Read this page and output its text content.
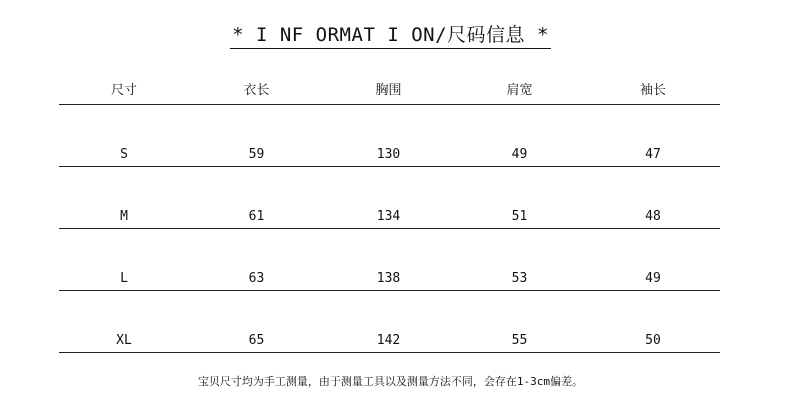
* I NF ORMAT I ON/尺码信息 *
尺寸	衣长	胸围	肩宽	袖长
S	59	130	49	47
M	61	134	51	48
L	63	138	53	49
XL	65	142	55	50
宝贝尺寸均为手工测量，由于测量工具以及测量方法不同，会存在1-3cm偏差。
